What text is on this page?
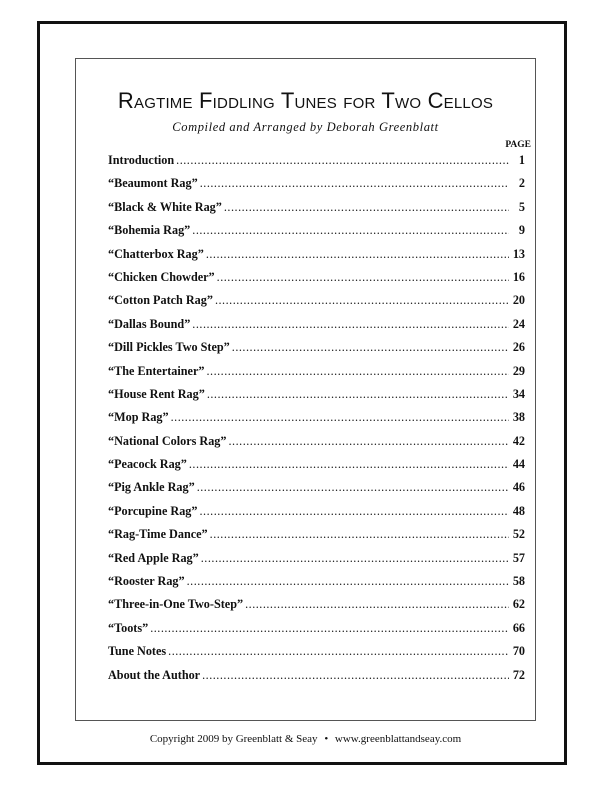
Ragtime Fiddling Tunes for Two Cellos
Compiled and Arranged by Deborah Greenblatt
PAGE
Introduction .....	1
“Beaumont Rag” .....	2
“Black & White Rag” .....	5
“Bohemia Rag” .....	9
“Chatterbox Rag” .....	13
“Chicken Chowder” .....	16
“Cotton Patch Rag” .....	20
“Dallas Bound” .....	24
“Dill Pickles Two Step” .....	26
“The Entertainer” .....	29
“House Rent Rag” .....	34
“Mop Rag” .....	38
“National Colors Rag” .....	42
“Peacock Rag” .....	44
“Pig Ankle Rag” .....	46
“Porcupine Rag” .....	48
“Rag-Time Dance” .....	52
“Red Apple Rag” .....	57
“Rooster Rag” .....	58
“Three-in-One Two-Step” .....	62
“Toots” .....	66
Tune Notes .....	70
About the Author .....	72
Copyright 2009 by Greenblatt & Seay • www.greenblattandseay.com
